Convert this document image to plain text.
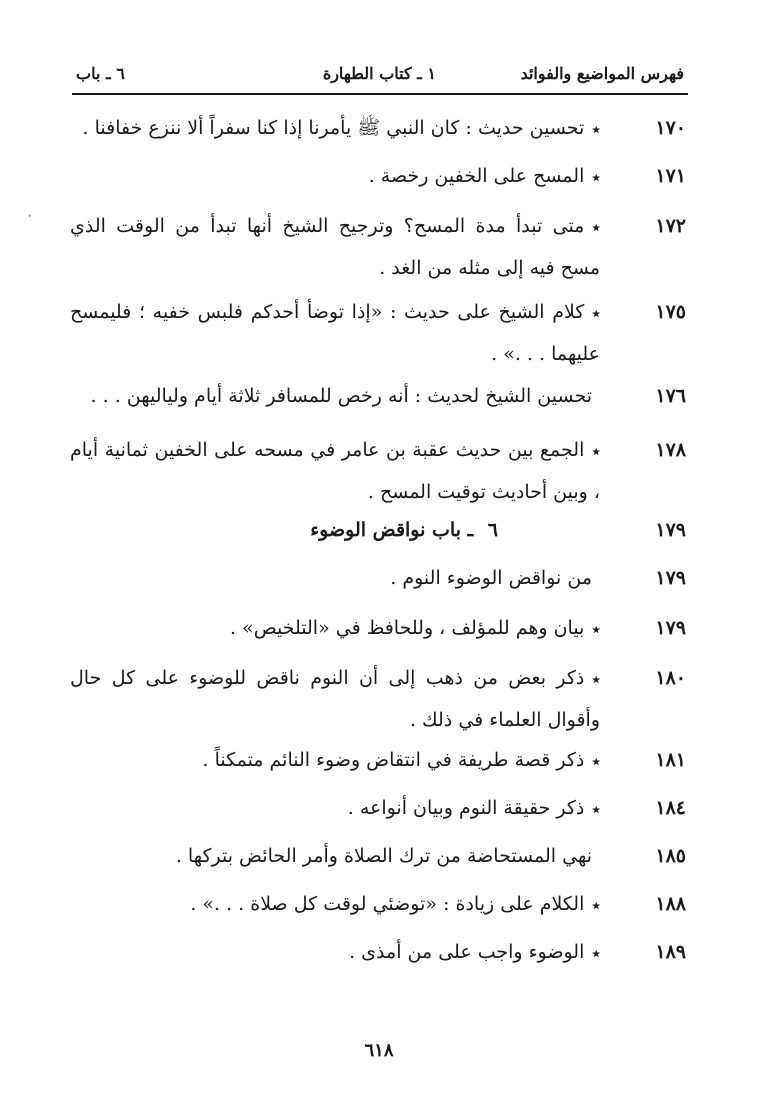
فهرس المواضيع والفوائد
١ ـ كتاب الطهارة
٦ ـ باب
٬
١٧٠
٭تحسين حديث : كان النبي ﷺ يأمرنا إذا كنا سفراً ألا ننزع خفافنا .
١٧١
٭المسح على الخفين رخصة .
١٧٢
٭متى تبدأ مدة المسح؟ وترجيح الشيخ أنها تبدأ من الوقت الذي مسح فيه إلى مثله من الغد .
١٧٥
٭كلام الشيخ على حديث : «إذا توضأ أحدكم فلبس خفيه ؛ فليمسح عليهما . . .» .
١٧٦
تحسين الشيخ لحديث : أنه رخص للمسافر ثلاثة أيام ولياليهن . . .
١٧٨
٭الجمع بين حديث عقبة بن عامر في مسحه على الخفين ثمانية أيام ، وبين أحاديث توقيت المسح .
١٧٩
٦ ـ باب نواقض الوضوء
١٧٩
من نواقض الوضوء النوم .
١٧٩
٭بيان وهم للمؤلف ، وللحافظ في «التلخيص» .
١٨٠
٭ذكر بعض من ذهب إلى أن النوم ناقض للوضوء على كل حال وأقوال العلماء في ذلك .
١٨١
٭ذكر قصة طريفة في انتقاض وضوء النائم متمكناً .
١٨٤
٭ذكر حقيقة النوم وبيان أنواعه .
١٨٥
نهي المستحاضة من ترك الصلاة وأمر الحائض بتركها .
١٨٨
٭الكلام على زيادة : «توضئي لوقت كل صلاة . . .» .
١٨٩
٭الوضوء واجب على من أمذى .
٦١٨
